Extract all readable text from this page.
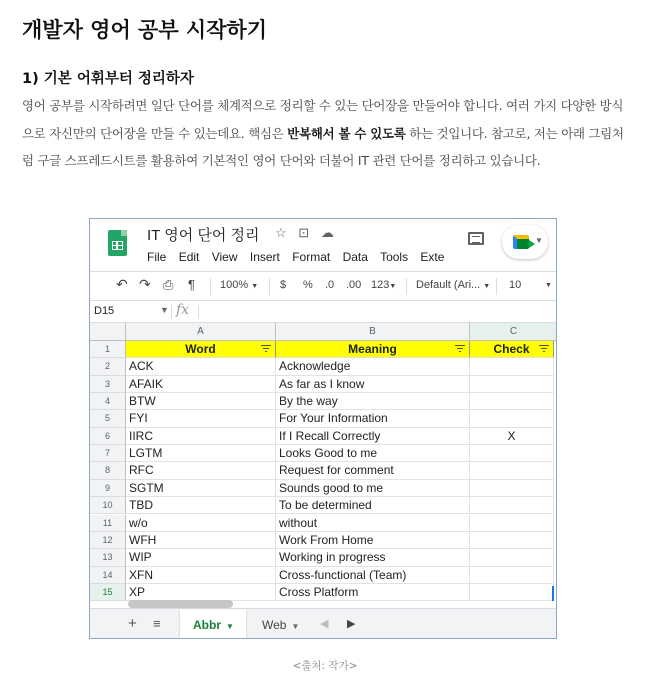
개발자 영어 공부 시작하기
1) 기본 어휘부터 정리하자

영어 공부를 시작하려면 일단 단어를 체계적으로 정리할 수 있는 단어장을 만들어야 합니다. 여러 가지 다양한 방식으로 자신만의 단어장을 만들 수 있는데요. 핵심은 반복해서 볼 수 있도록 하는 것입니다. 참고로, 저는 아래 그림처럼 구글 스프레드시트를 활용하여 기본적인 영어 단어와 더불어 IT 관련 단어를 정리하고 있습니다.

IT 영어 단어 정리 ☆ ⊡ ☁
File Edit View Insert Format Data Tools Exte
▼
↶ ↷ ⎙ ¶ 100% ▼ $ % .0 .00 123▼ Default (Ari... ▼ 10	▼
D15	▼ fx
A	B	C
1	Word	Meaning	Check
2	ACK	Acknowledge
3	AFAIK	As far as I know
4	BTW	By the way
5	FYI	For Your Information
6	IIRC	If I Recall Correctly	X
7	LGTM	Looks Good to me
8	RFC	Request for comment
9	SGTM	Sounds good to me
10	TBD	To be determined
11	w/o	without
12	WFH	Work From Home
13	WIP	Working in progress
14	XFN	Cross-functional (Team)
15	XP	Cross Platform
+ ≡	Abbr ▼	Web ▼ ◀ ▶
<출처: 작가>
